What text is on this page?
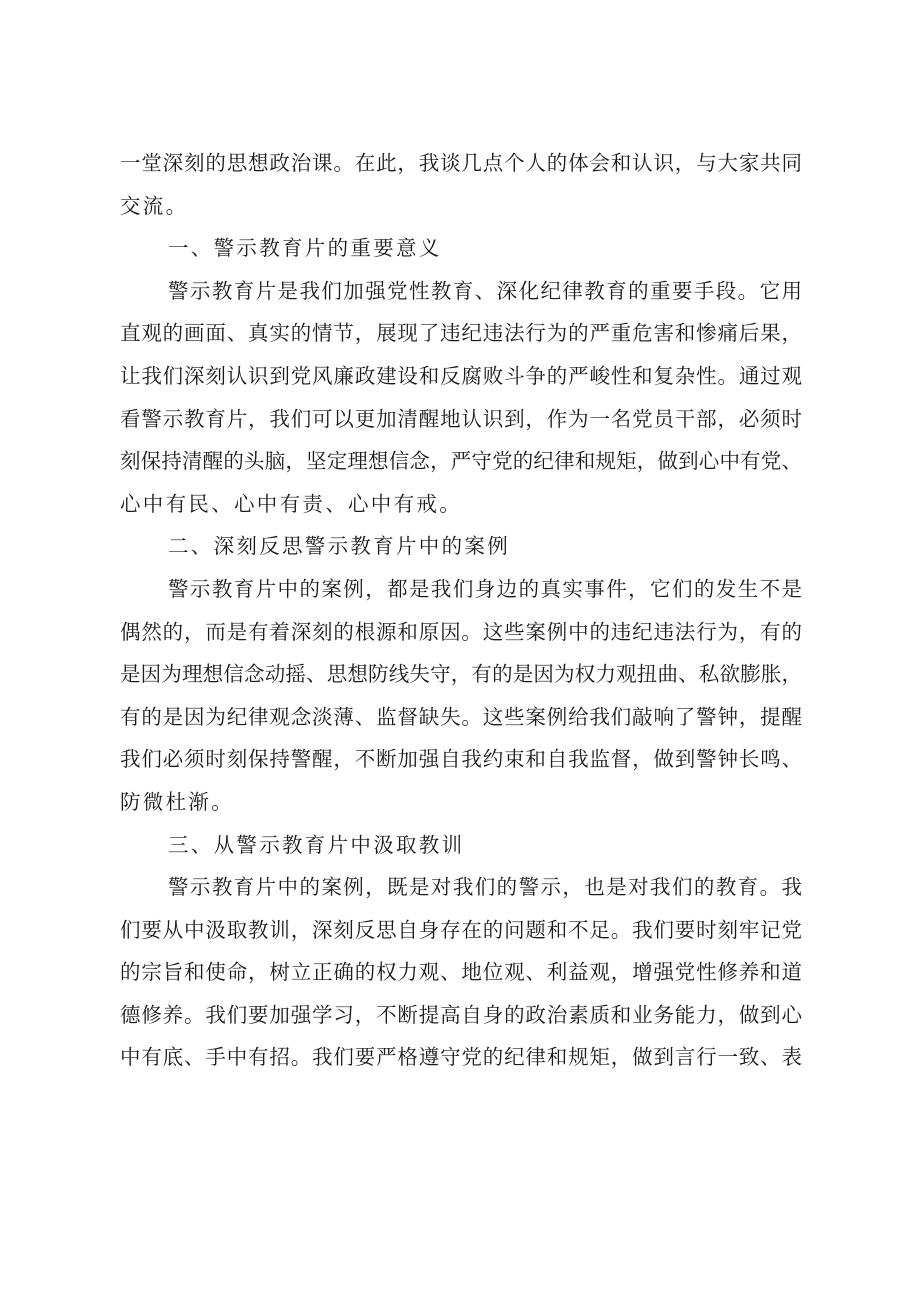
一堂深刻的思想政治课。在此，我谈几点个人的体会和认识，与大家共同
交流。
一、警示教育片的重要意义
警示教育片是我们加强党性教育、深化纪律教育的重要手段。它用
直观的画面、真实的情节，展现了违纪违法行为的严重危害和惨痛后果，
让我们深刻认识到党风廉政建设和反腐败斗争的严峻性和复杂性。通过观
看警示教育片，我们可以更加清醒地认识到，作为一名党员干部，必须时
刻保持清醒的头脑，坚定理想信念，严守党的纪律和规矩，做到心中有党、
心中有民、心中有责、心中有戒。
二、深刻反思警示教育片中的案例
警示教育片中的案例，都是我们身边的真实事件，它们的发生不是
偶然的，而是有着深刻的根源和原因。这些案例中的违纪违法行为，有的
是因为理想信念动摇、思想防线失守，有的是因为权力观扭曲、私欲膨胀，
有的是因为纪律观念淡薄、监督缺失。这些案例给我们敲响了警钟，提醒
我们必须时刻保持警醒，不断加强自我约束和自我监督，做到警钟长鸣、
防微杜渐。
三、从警示教育片中汲取教训
警示教育片中的案例，既是对我们的警示，也是对我们的教育。我
们要从中汲取教训，深刻反思自身存在的问题和不足。我们要时刻牢记党
的宗旨和使命，树立正确的权力观、地位观、利益观，增强党性修养和道
德修养。我们要加强学习，不断提高自身的政治素质和业务能力，做到心
中有底、手中有招。我们要严格遵守党的纪律和规矩，做到言行一致、表
